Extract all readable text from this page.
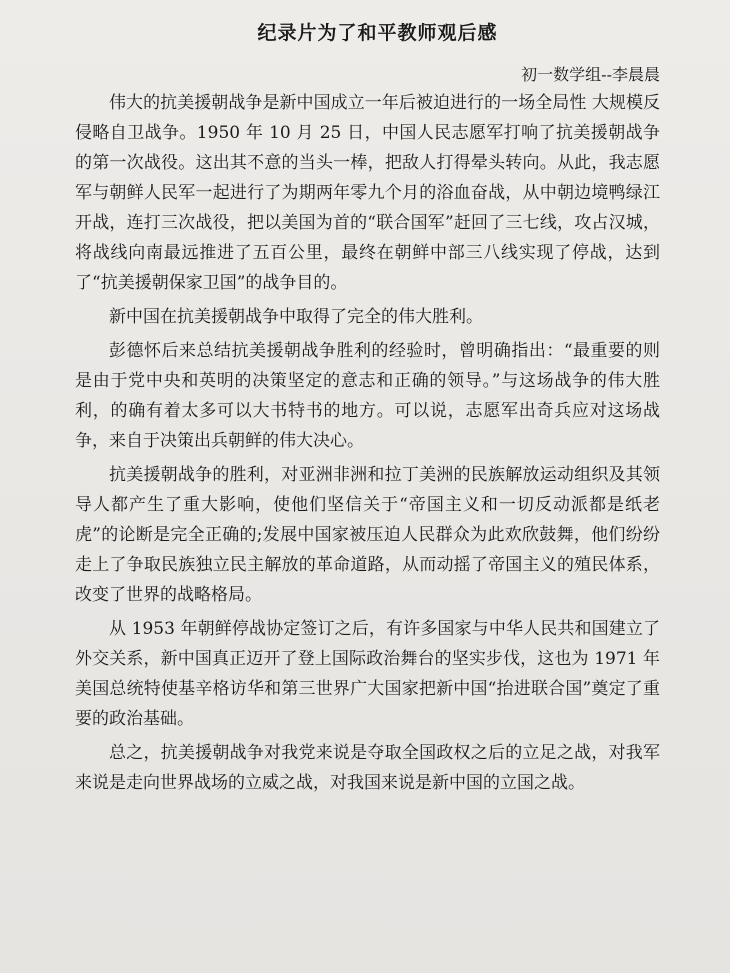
纪录片为了和平教师观后感
初一数学组--李晨晨

伟大的抗美援朝战争是新中国成立一年后被迫进行的一场全局性 大规模反侵略自卫战争。1950 年 10 月 25 日，中国人民志愿军打响了抗美援朝战争的第一次战役。这出其不意的当头一棒，把敌人打得晕头转向。从此，我志愿军与朝鲜人民军一起进行了为期两年零九个月的浴血奋战，从中朝边境鸭绿江开战，连打三次战役，把以美国为首的“联合国军”赶回了三七线，攻占汉城，将战线向南最远推进了五百公里，最终在朝鲜中部三八线实现了停战，达到了“抗美援朝保家卫国”的战争目的。

新中国在抗美援朝战争中取得了完全的伟大胜利。

彭德怀后来总结抗美援朝战争胜利的经验时，曾明确指出：“最重要的则是由于党中央和英明的决策坚定的意志和正确的领导。”与这场战争的伟大胜利，的确有着太多可以大书特书的地方。可以说，志愿军出奇兵应对这场战争，来自于决策出兵朝鲜的伟大决心。

抗美援朝战争的胜利，对亚洲非洲和拉丁美洲的民族解放运动组织及其领导人都产生了重大影响，使他们坚信关于“帝国主义和一切反动派都是纸老虎”的论断是完全正确的;发展中国家被压迫人民群众为此欢欣鼓舞，他们纷纷走上了争取民族独立民主解放的革命道路，从而动摇了帝国主义的殖民体系，改变了世界的战略格局。

从 1953 年朝鲜停战协定签订之后，有许多国家与中华人民共和国建立了外交关系，新中国真正迈开了登上国际政治舞台的坚实步伐，这也为 1971 年美国总统特使基辛格访华和第三世界广大国家把新中国“抬进联合国”奠定了重要的政治基础。

总之，抗美援朝战争对我党来说是夺取全国政权之后的立足之战，对我军来说是走向世界战场的立威之战，对我国来说是新中国的立国之战。
